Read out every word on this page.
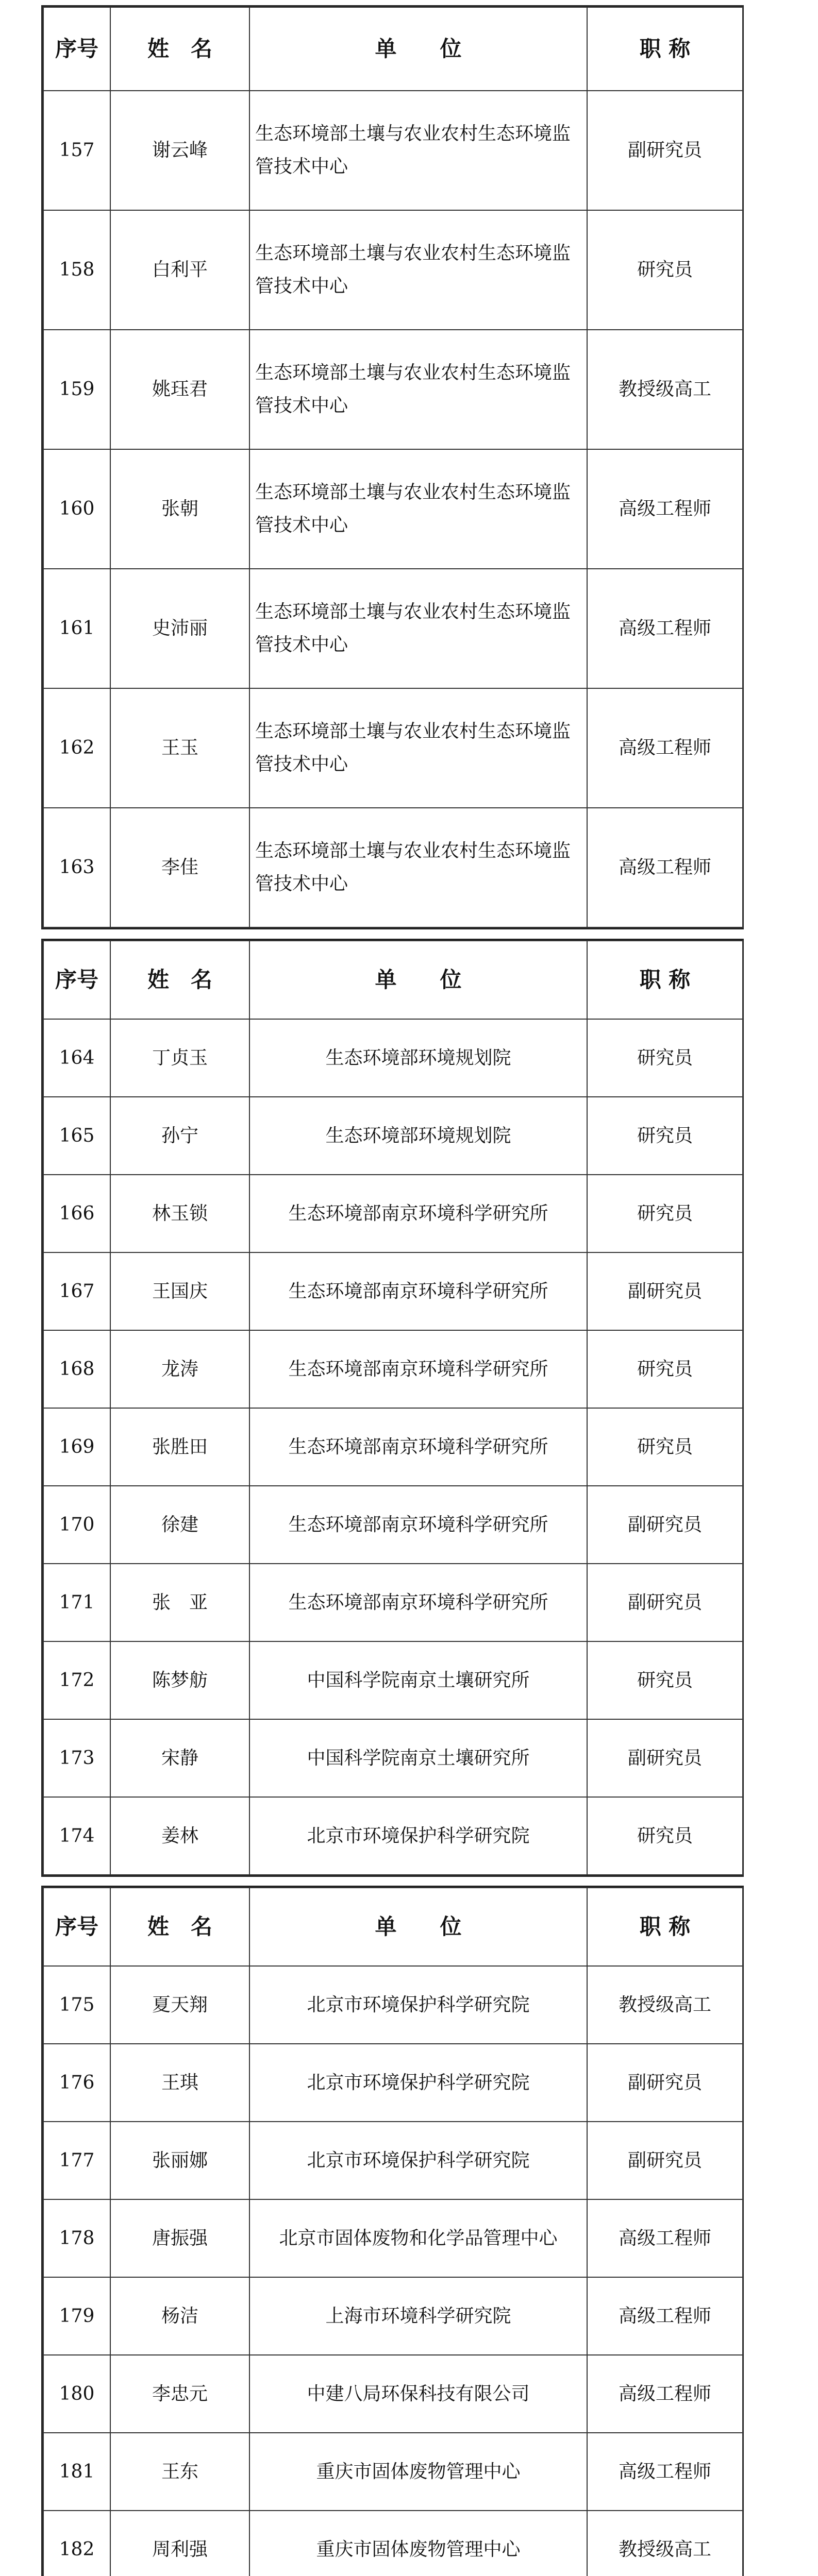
序号	姓　名	单　　位	职 称
157	谢云峰	生态环境部土壤与农业农村生态环境监管技术中心	副研究员
158	白利平	生态环境部土壤与农业农村生态环境监管技术中心	研究员
159	姚珏君	生态环境部土壤与农业农村生态环境监管技术中心	教授级高工
160	张朝	生态环境部土壤与农业农村生态环境监管技术中心	高级工程师
161	史沛丽	生态环境部土壤与农业农村生态环境监管技术中心	高级工程师
162	王玉	生态环境部土壤与农业农村生态环境监管技术中心	高级工程师
163	李佳	生态环境部土壤与农业农村生态环境监管技术中心	高级工程师
序号	姓　名	单　　位	职 称
164	丁贞玉	生态环境部环境规划院	研究员
165	孙宁	生态环境部环境规划院	研究员
166	林玉锁	生态环境部南京环境科学研究所	研究员
167	王国庆	生态环境部南京环境科学研究所	副研究员
168	龙涛	生态环境部南京环境科学研究所	研究员
169	张胜田	生态环境部南京环境科学研究所	研究员
170	徐建	生态环境部南京环境科学研究所	副研究员
171	张　亚	生态环境部南京环境科学研究所	副研究员
172	陈梦舫	中国科学院南京土壤研究所	研究员
173	宋静	中国科学院南京土壤研究所	副研究员
174	姜林	北京市环境保护科学研究院	研究员
序号	姓　名	单　　位	职 称
175	夏天翔	北京市环境保护科学研究院	教授级高工
176	王琪	北京市环境保护科学研究院	副研究员
177	张丽娜	北京市环境保护科学研究院	副研究员
178	唐振强	北京市固体废物和化学品管理中心	高级工程师
179	杨洁	上海市环境科学研究院	高级工程师
180	李忠元	中建八局环保科技有限公司	高级工程师
181	王东	重庆市固体废物管理中心	高级工程师
182	周利强	重庆市固体废物管理中心	教授级高工
